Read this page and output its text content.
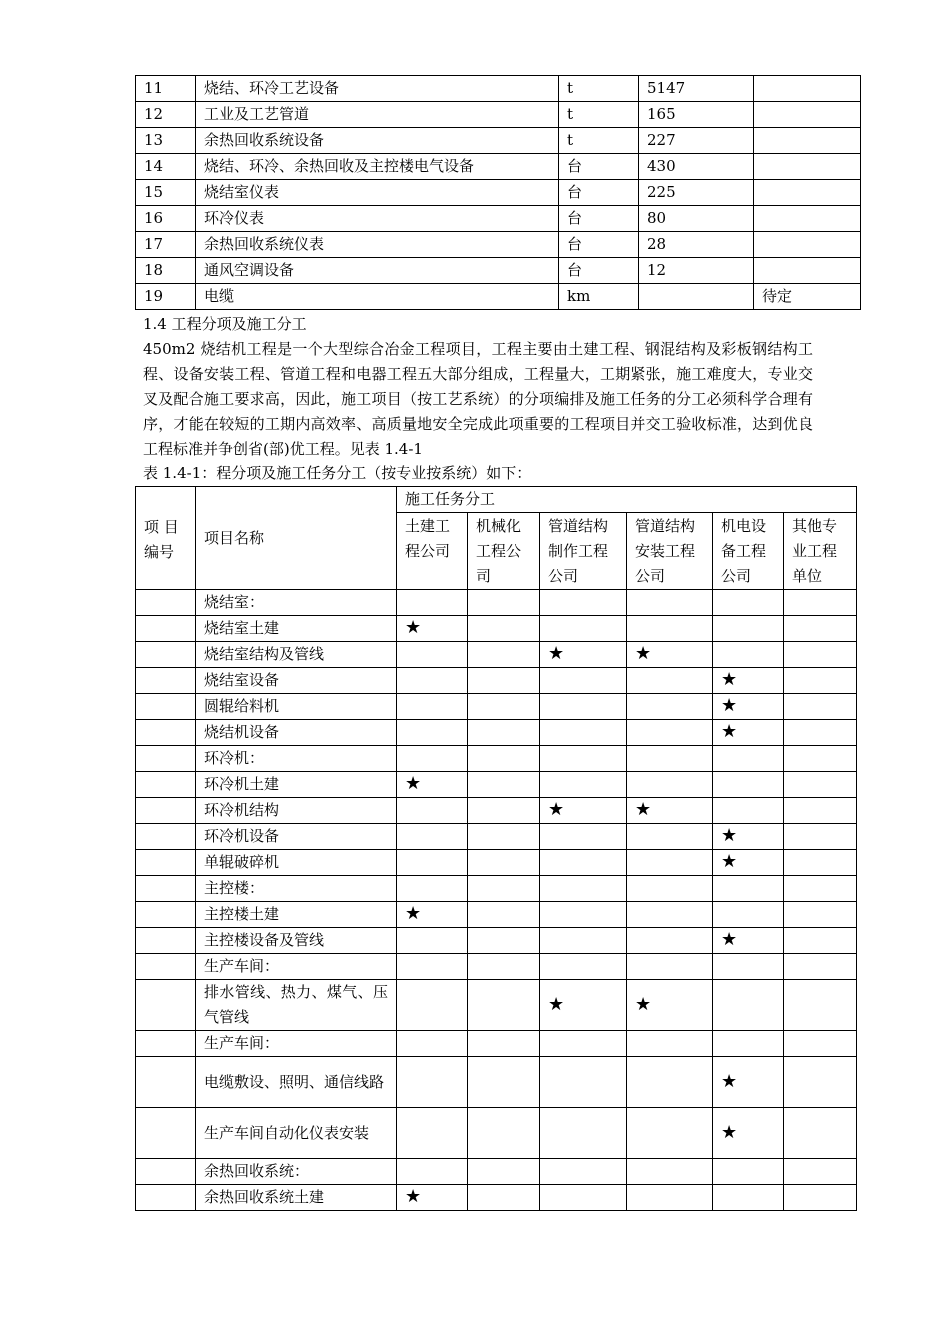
11	烧结、环冷工艺设备	t	5147	
12	工业及工艺管道	t	165	
13	余热回收系统设备	t	227	
14	烧结、环冷、余热回收及主控楼电气设备	台	430	
15	烧结室仪表	台	225	
16	环冷仪表	台	80	
17	余热回收系统仪表	台	28	
18	通风空调设备	台	12	
19	电缆	km		待定

1.4 工程分项及施工分工

450m2 烧结机工程是一个大型综合冶金工程项目，工程主要由土建工程、钢混结构及彩板钢结构工程、设备安装工程、管道工程和电器工程五大部分组成，工程量大，工期紧张，施工难度大，专业交叉及配合施工要求高，因此，施工项目（按工艺系统）的分项编排及施工任务的分工必须科学合理有序，才能在较短的工期内高效率、高质量地安全完成此项重要的工程项目并交工验收标准，达到优良工程标准并争创省(部)优工程。见表 1.4-1

表 1.4-1：程分项及施工任务分工（按专业按系统）如下：

项 目 编号	项目名称	施工任务分工					
		土建工程公司	机械化工程公司	管道结构制作工程公司	管道结构安装工程公司	机电设备工程公司	其他专业工程单位
	烧结室：						
	烧结室土建	★					
	烧结室结构及管线			★	★		
	烧结室设备					★	
	圆辊给料机					★	
	烧结机设备					★	
	环冷机：						
	环冷机土建	★					
	环冷机结构			★	★		
	环冷机设备					★	
	单辊破碎机					★	
	主控楼：						
	主控楼土建	★					
	主控楼设备及管线					★	
	生产车间：						
	排水管线、热力、煤气、压气管线			★	★		
	生产车间：						
	电缆敷设、照明、通信线路					★	
	生产车间自动化仪表安装					★	
	余热回收系统：						
	余热回收系统土建	★					
